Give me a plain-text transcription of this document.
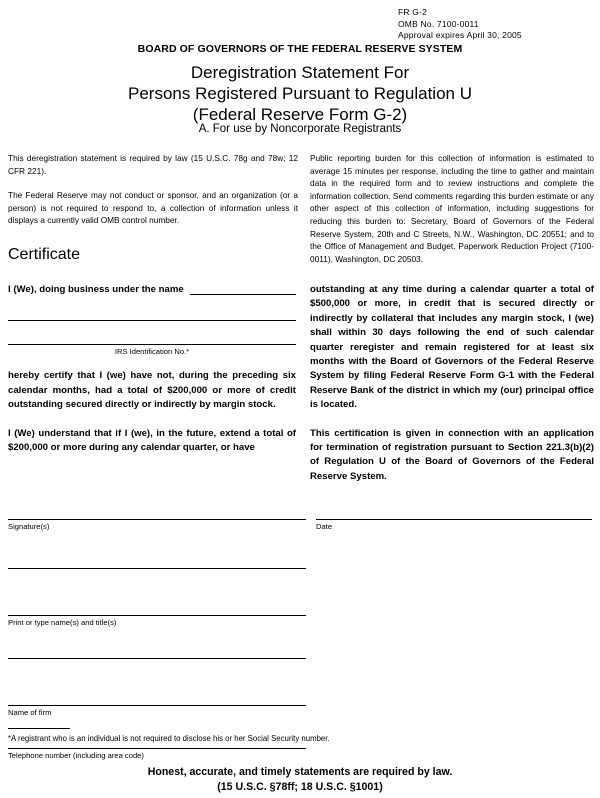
FR G-2
OMB No. 7100-0011
Approval expires April 30, 2005
BOARD OF GOVERNORS OF THE FEDERAL RESERVE SYSTEM
Deregistration Statement For
Persons Registered Pursuant to Regulation U
(Federal Reserve Form G-2)
A. For use by Noncorporate Registrants

This deregistration statement is required by law (15 U.S.C. 78g and 78w; 12 CFR 221).

The Federal Reserve may not conduct or sponsor, and an organization (or a person) is not required to respond to, a collection of information unless it displays a currently valid OMB control number.

Public reporting burden for this collection of information is estimated to average 15 minutes per response, including the time to gather and maintain data in the required form and to review instructions and complete the information collection. Send comments regarding this burden estimate or any other aspect of this collection of information, including suggestions for reducing this burden to: Secretary, Board of Governors of the Federal Reserve System, 20th and C Streets, N.W., Washington, DC 20551; and to the Office of Management and Budget, Paperwork Reduction Project (7100-0011), Washington, DC 20503.

Certificate
I (We), doing business under the name
IRS Identification No.*

hereby certify that I (we) have not, during the preceding six calendar months, had a total of $200,000 or more of credit outstanding secured directly or indirectly by margin stock.

I (We) understand that if I (we), in the future, extend a total of $200,000 or more during any calendar quarter, or have

outstanding at any time during a calendar quarter a total of $500,000 or more, in credit that is secured directly or indirectly by collateral that includes any margin stock, I (we) shall within 30 days following the end of such calendar quarter reregister and remain registered for at least six months with the Board of Governors of the Federal Reserve System by filing Federal Reserve Form G-1 with the Federal Reserve Bank of the district in which my (our) principal office is located.

This certification is given in connection with an application for termination of registration pursuant to Section 221.3(b)(2) of Regulation U of the Board of Governors of the Federal Reserve System.

Signature(s)	Date
Print or type name(s) and title(s)
Name of firm
Telephone number (including area code)
*A registrant who is an individual is not required to disclose his or her Social Security number.
Honest, accurate, and timely statements are required by law.
(15 U.S.C. §78ff; 18 U.S.C. §1001)
